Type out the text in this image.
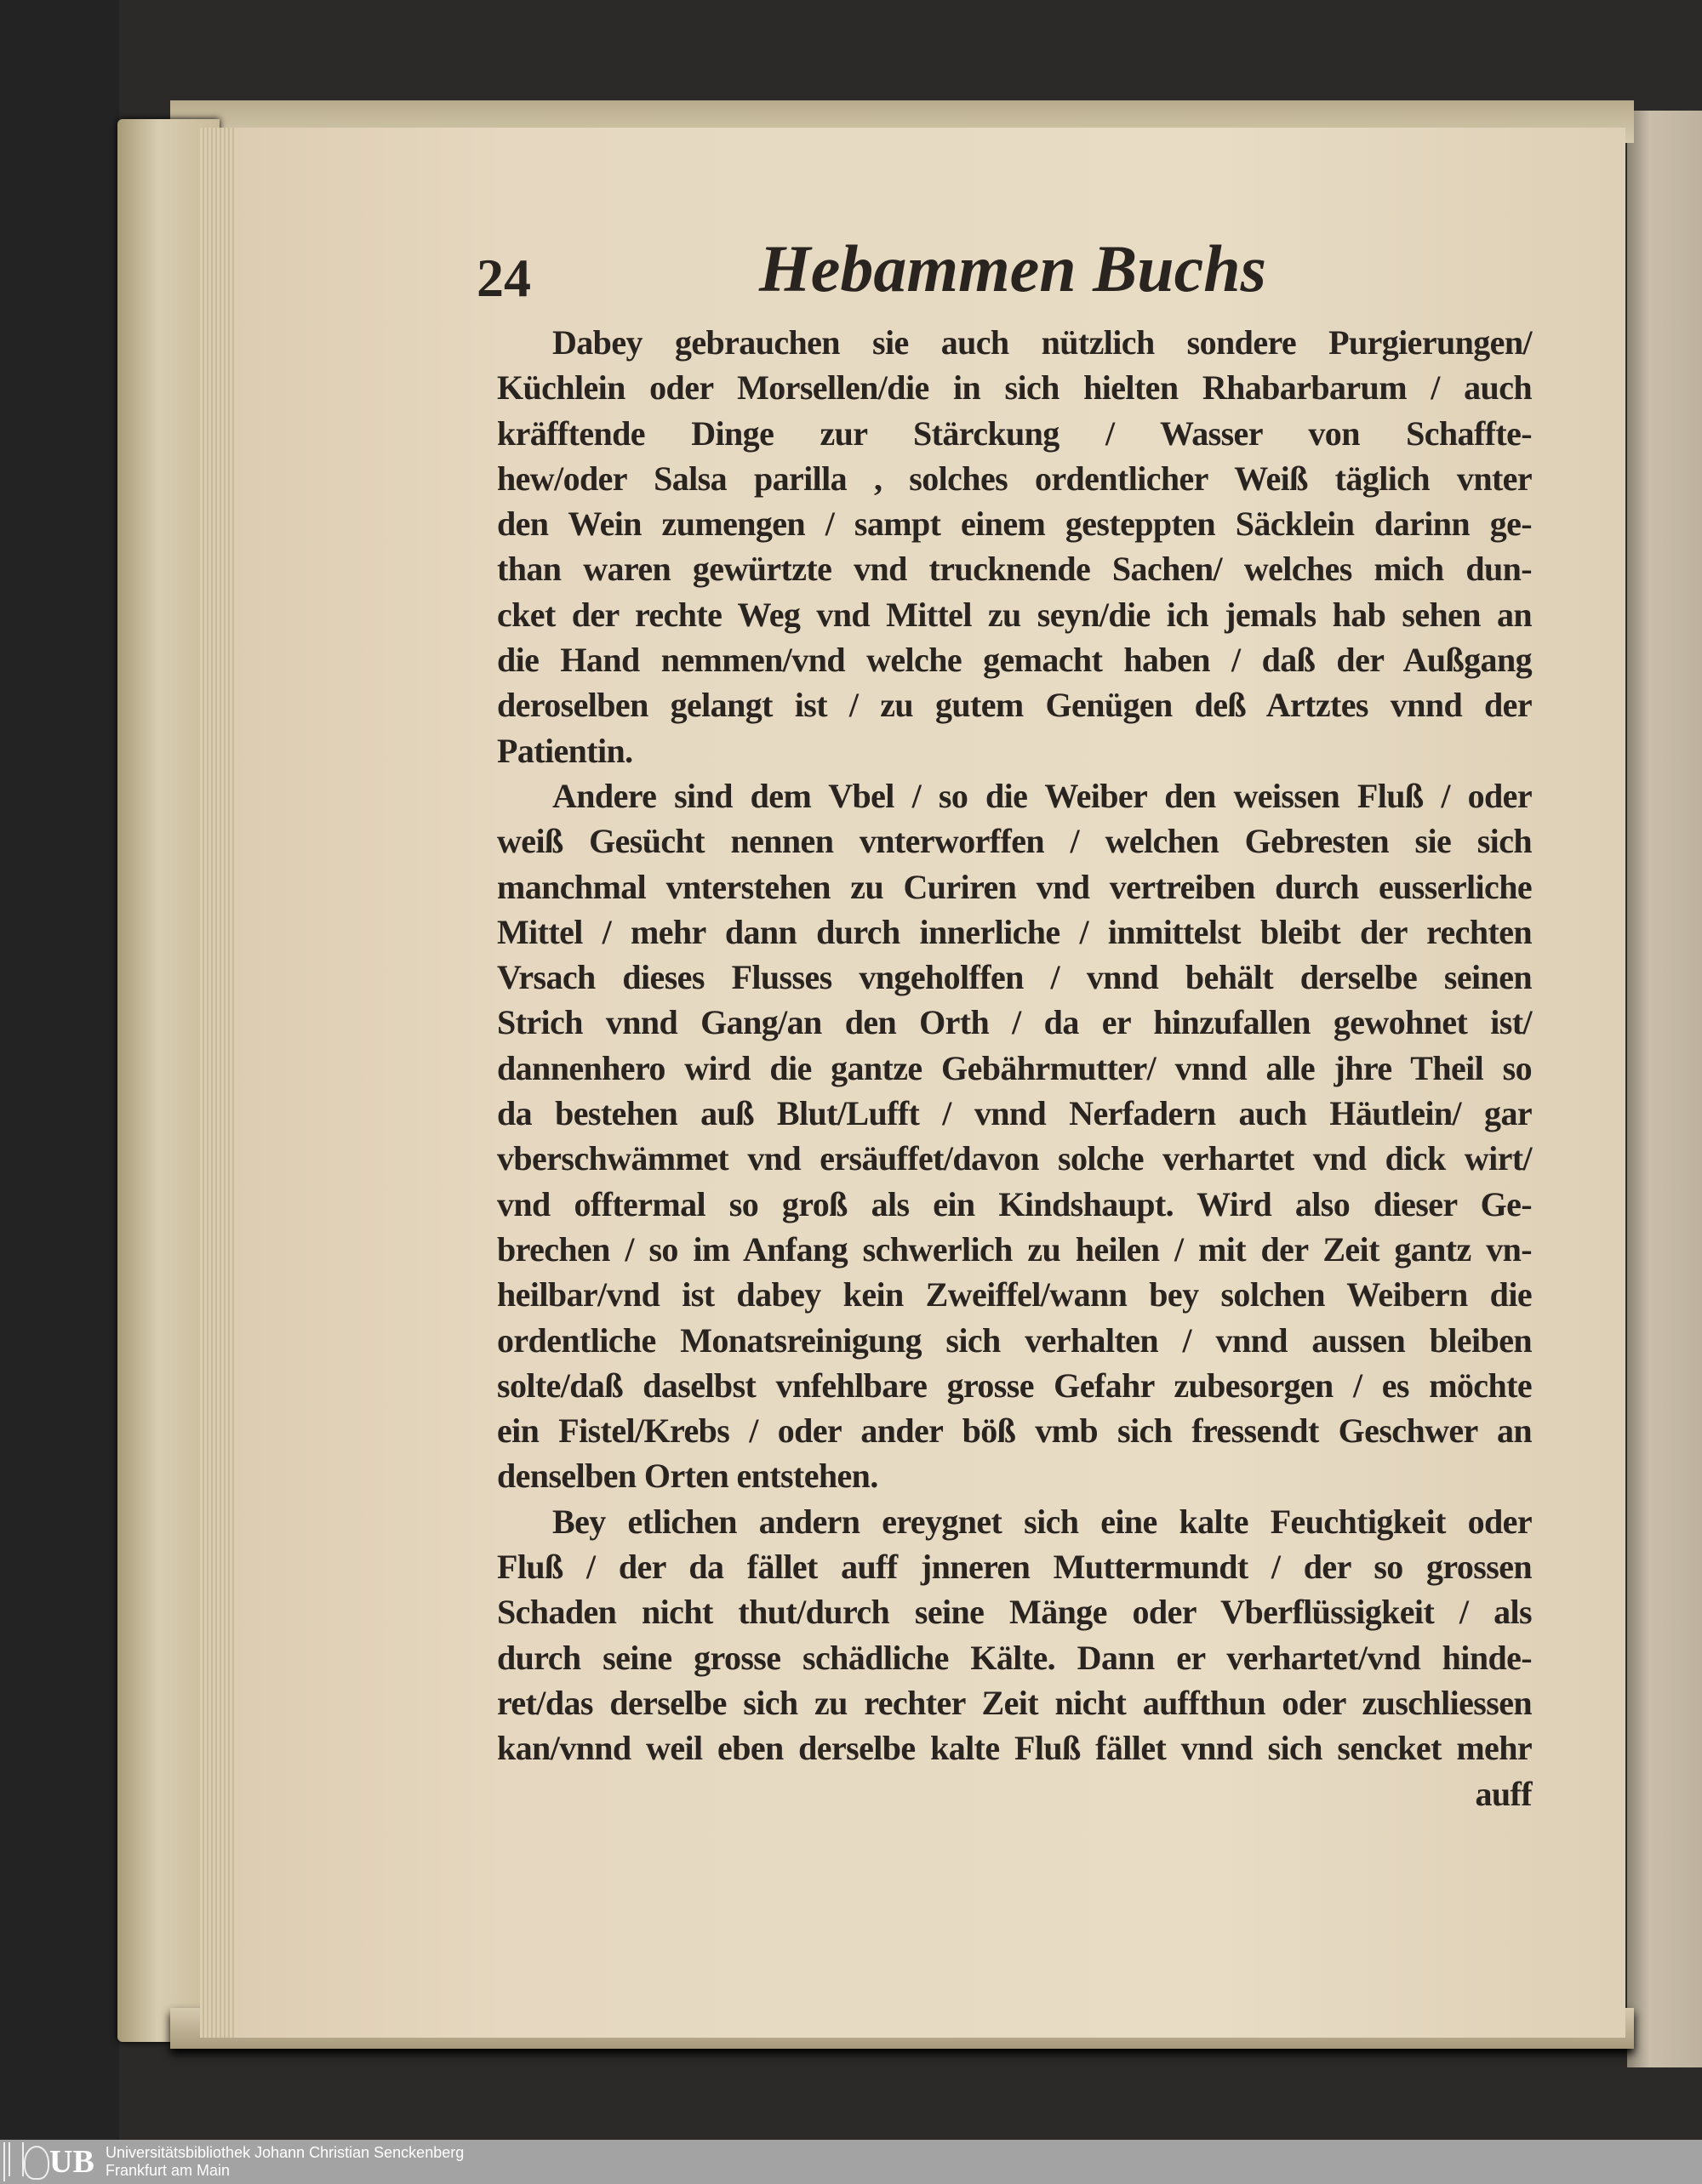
24	Hebammen Buchs
Dabey gebrauchen sie auch nützlich sondere Purgierungen/
Küchlein oder Morsellen/die in sich hielten Rhabarbarum / auch
kräfftende Dinge zur Stärckung / Wasser von Schaffte-
hew/oder Salsa parilla , solches ordentlicher Weiß täglich vnter
den Wein zumengen / sampt einem gesteppten Säcklein darinn ge-
than waren gewürtzte vnd trucknende Sachen/ welches mich dun-
cket der rechte Weg vnd Mittel zu seyn/die ich jemals hab sehen an
die Hand nemmen/vnd welche gemacht haben / daß der Außgang
deroselben gelangt ist / zu gutem Genügen deß Artztes vnnd der
Patientin.
Andere sind dem Vbel / so die Weiber den weissen Fluß / oder
weiß Gesücht nennen vnterworffen / welchen Gebresten sie sich
manchmal vnterstehen zu Curiren vnd vertreiben durch eusserliche
Mittel / mehr dann durch innerliche / inmittelst bleibt der rechten
Vrsach dieses Flusses vngeholffen / vnnd behält derselbe seinen
Strich vnnd Gang/an den Orth / da er hinzufallen gewohnet ist/
dannenhero wird die gantze Gebährmutter/ vnnd alle jhre Theil so
da bestehen auß Blut/Lufft / vnnd Nerfadern auch Häutlein/ gar
vberschwämmet vnd ersäuffet/davon solche verhartet vnd dick wirt/
vnd offtermal so groß als ein Kindshaupt. Wird also dieser Ge-
brechen / so im Anfang schwerlich zu heilen / mit der Zeit gantz vn-
heilbar/vnd ist dabey kein Zweiffel/wann bey solchen Weibern die
ordentliche Monatsreinigung sich verhalten / vnnd aussen bleiben
solte/daß daselbst vnfehlbare grosse Gefahr zubesorgen / es möchte
ein Fistel/Krebs / oder ander böß vmb sich fressendt Geschwer an
denselben Orten entstehen.
Bey etlichen andern ereygnet sich eine kalte Feuchtigkeit oder
Fluß / der da fället auff jnneren Muttermundt / der so grossen
Schaden nicht thut/durch seine Mänge oder Vberflüssigkeit / als
durch seine grosse schädliche Kälte. Dann er verhartet/vnd hinde-
ret/das derselbe sich zu rechter Zeit nicht auffthun oder zuschliessen
kan/vnnd weil eben derselbe kalte Fluß fället vnnd sich sencket mehr
auff
UB Universitätsbibliothek Johann Christian Senckenberg
Frankfurt am Main
